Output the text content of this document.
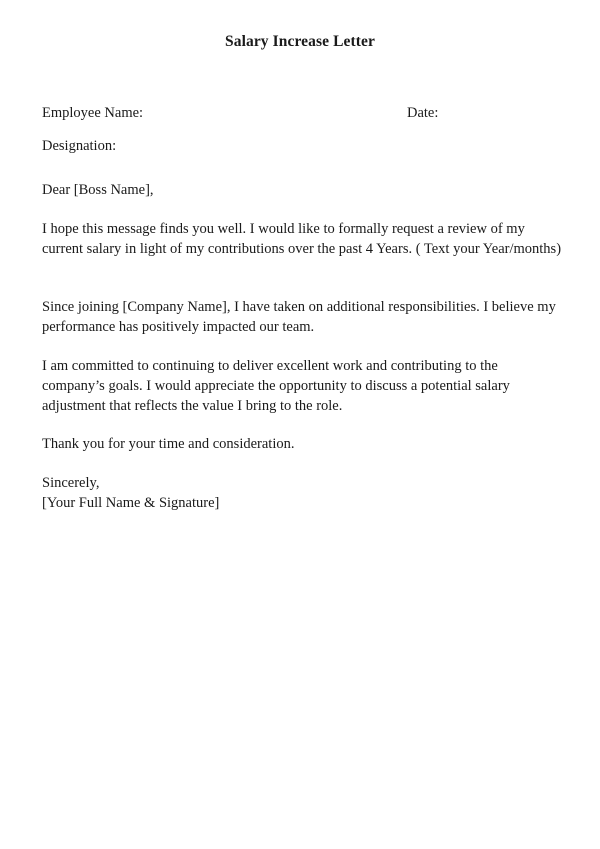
Salary Increase Letter
Employee Name:	Date:
Designation:

Dear [Boss Name],

I hope this message finds you well. I would like to formally request a review of my current salary in light of my contributions over the past 4 Years. ( Text your Year/months)

Since joining [Company Name], I have taken on additional responsibilities. I believe my performance has positively impacted our team.

I am committed to continuing to deliver excellent work and contributing to the company’s goals. I would appreciate the opportunity to discuss a potential salary adjustment that reflects the value I bring to the role.

Thank you for your time and consideration.

Sincerely,

[Your Full Name & Signature]
